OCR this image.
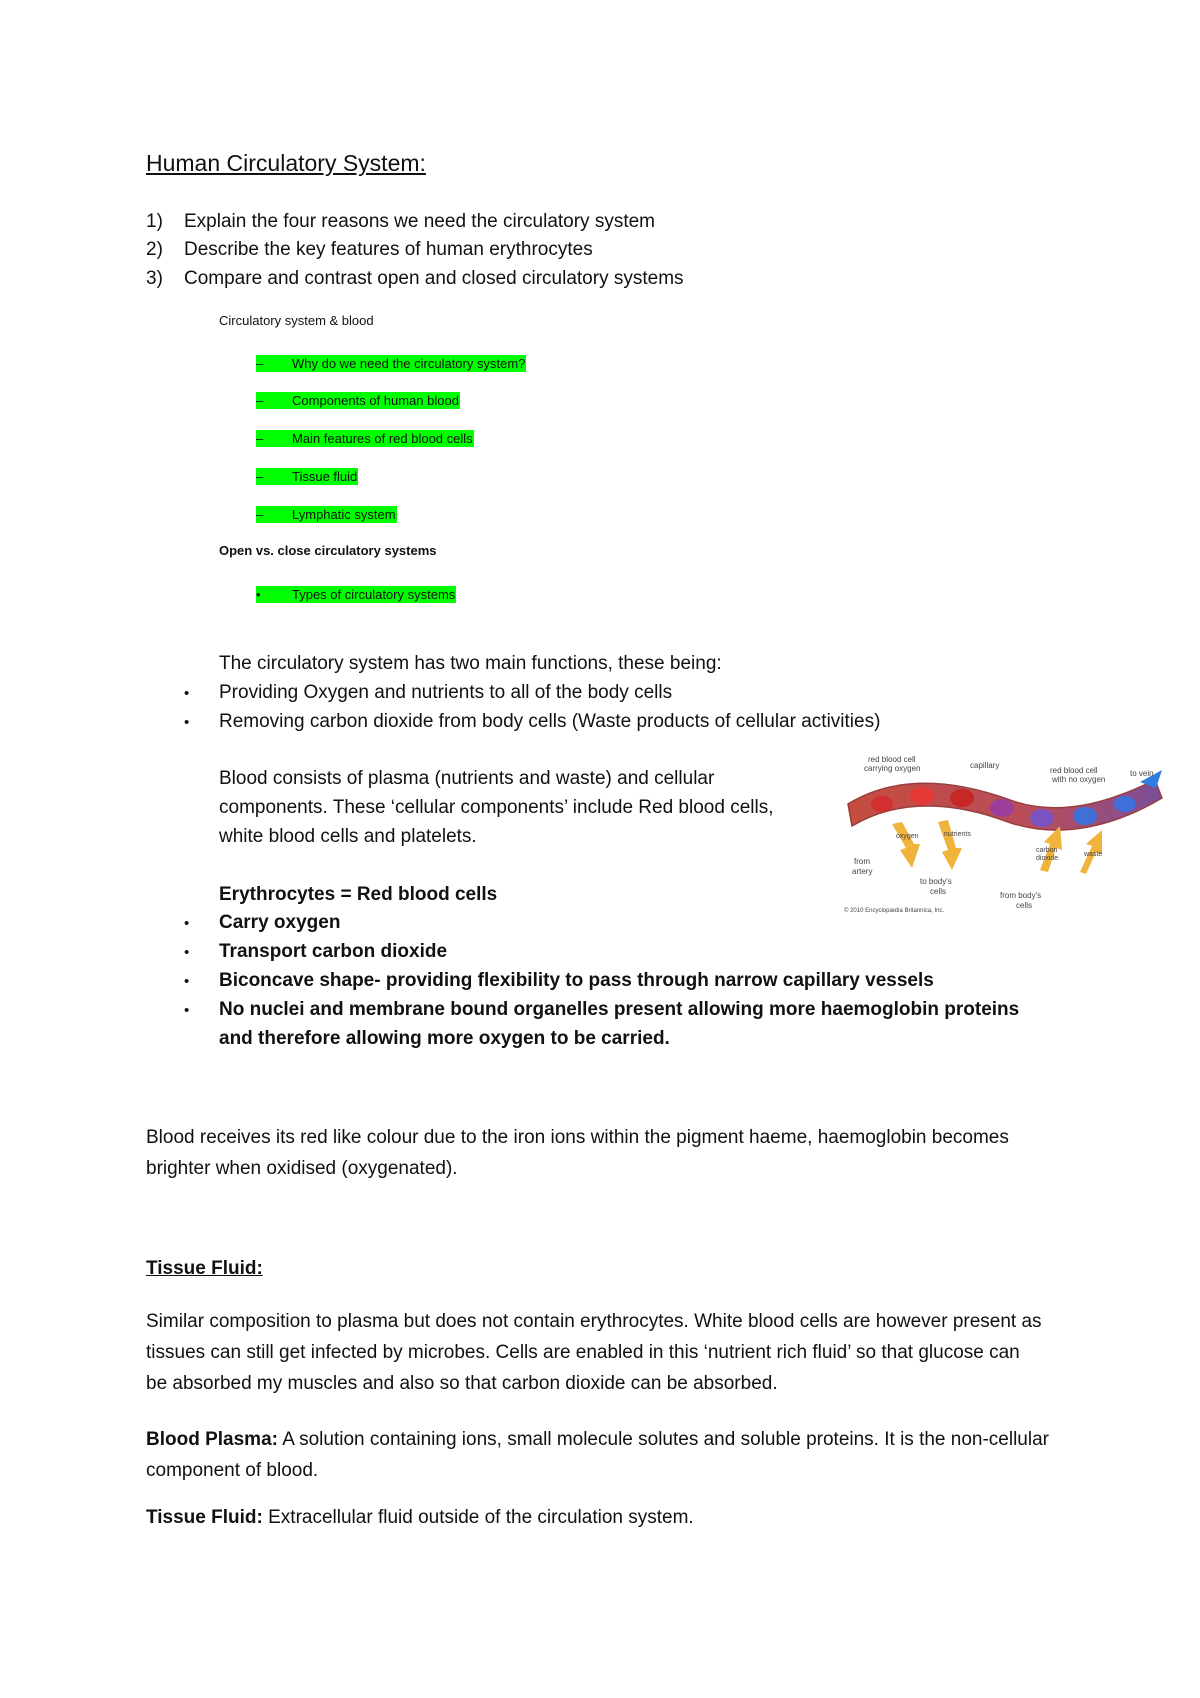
Human Circulatory System:
1) Explain the four reasons we need the circulatory system
2) Describe the key features of human erythrocytes
3) Compare and contrast open and closed circulatory systems
Circulatory system & blood
– Why do we need the circulatory system?
– Components of human blood
– Main features of red blood cells
– Tissue fluid
– Lymphatic system
Open vs. close circulatory systems
• Types of circulatory systems
The circulatory system has two main functions, these being:
• Providing Oxygen and nutrients to all of the body cells
• Removing carbon dioxide from body cells (Waste products of cellular activities)
Blood consists of plasma (nutrients and waste) and cellular
components. These ‘cellular components’ include Red blood cells,
white blood cells and platelets.
Erythrocytes = Red blood cells
• Carry oxygen
• Transport carbon dioxide
• Biconcave shape- providing flexibility to pass through narrow capillary vessels
• No nuclei and membrane bound organelles present allowing more haemoglobin proteins
and therefore allowing more oxygen to be carried.
Blood receives its red like colour due to the iron ions within the pigment haeme, haemoglobin becomes brighter when oxidised (oxygenated).
Tissue Fluid:
Similar composition to plasma but does not contain erythrocytes. White blood cells are however present as tissues can still get infected by microbes. Cells are enabled in this ‘nutrient rich fluid’ so that glucose can be absorbed my muscles and also so that carbon dioxide can be absorbed.
Blood Plasma: A solution containing ions, small molecule solutes and soluble proteins. It is the non-cellular component of blood.
Tissue Fluid: Extracellular fluid outside of the circulation system.
red blood cell
carrying oxygen	capillary
red blood cell
with no oxygen
to vein
from
artery
oxygen	nutrients
to body's
cells
carbon
dioxide
waste
from body's
cells
© 2010 Encyclopædia Britannica, Inc.
